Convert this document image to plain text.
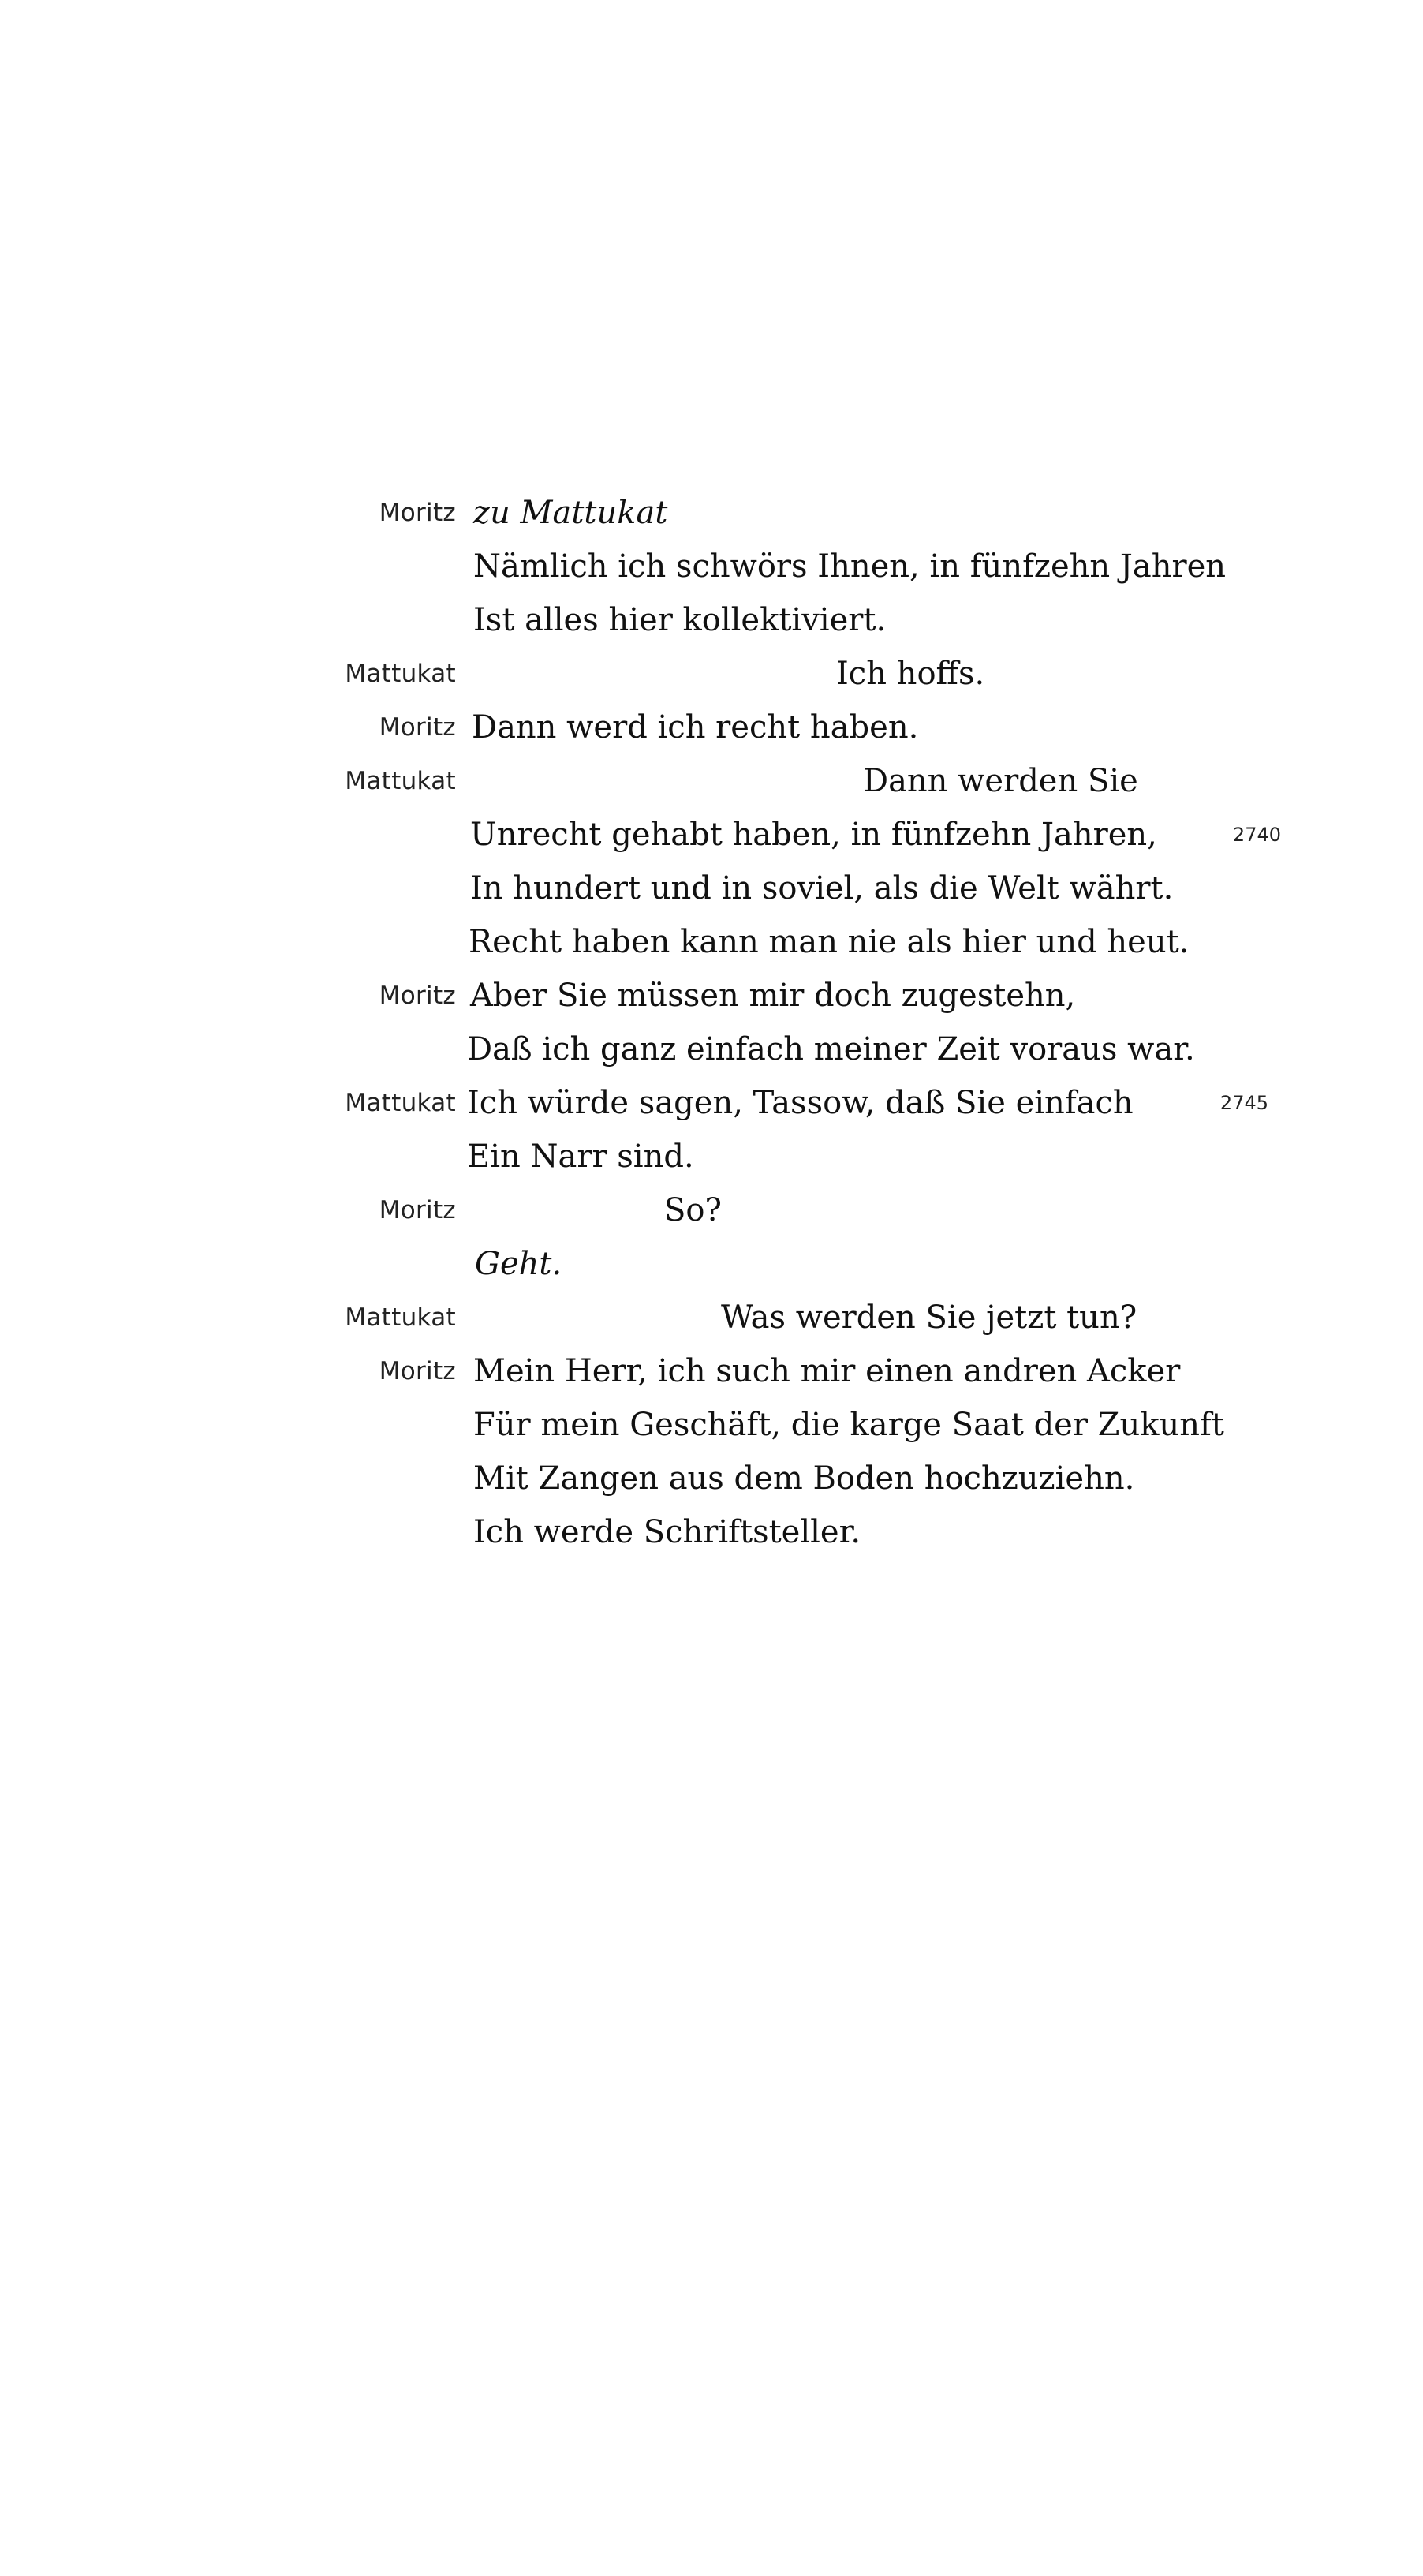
Moritz zu Mattukat
Nämlich ich schwörs Ihnen, in fünfzehn Jahren
Ist alles hier kollektiviert.
Mattukat	Ich hoffs.
Moritz Dann werd ich recht haben.
Mattukat	Dann werden Sie
Unrecht gehabt haben, in fünfzehn Jahren,	2740
In hundert und in soviel, als die Welt währt.
Recht haben kann man nie als hier und heut.
Moritz Aber Sie müssen mir doch zugestehn,
Daß ich ganz einfach meiner Zeit voraus war.
Mattukat Ich würde sagen, Tassow, daß Sie einfach	2745
Ein Narr sind.
Moritz	So?
Geht.
Mattukat	Was werden Sie jetzt tun?
Moritz Mein Herr, ich such mir einen andren Acker
Für mein Geschäft, die karge Saat der Zukunft
Mit Zangen aus dem Boden hochzuziehn.
Ich werde Schriftsteller.
